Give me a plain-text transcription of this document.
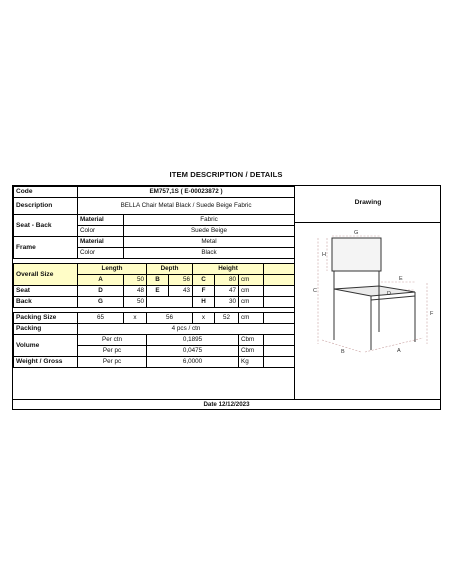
ITEM DESCRIPTION / DETAILS
Code	EM757,1S ( E-00023872 )							
Description	BELLA Chair Metal Black / Suede Beige Fabric							
Seat - Back	Material	Fabric						
	Color	Suede Beige						
Frame	Material	Metal						
	Color	Black						

Overall Size	Length		Depth		Height			
	A	50	B	56	C	80	cm	
Seat	D	48	E	43	F	47	cm	
Back	G	50			H	30	cm	

Packing Size	65	x	56		x	52	cm	
Packing	4 pcs / ctn							
Volume	Per ctn		0,1895				Cbm	
	Per pc		0,0475				Cbm	
Weight / Gross	Per pc		6,0000				Kg	
Drawing
G
H
C
E
D
F
B	A
Date 12/12/2023
